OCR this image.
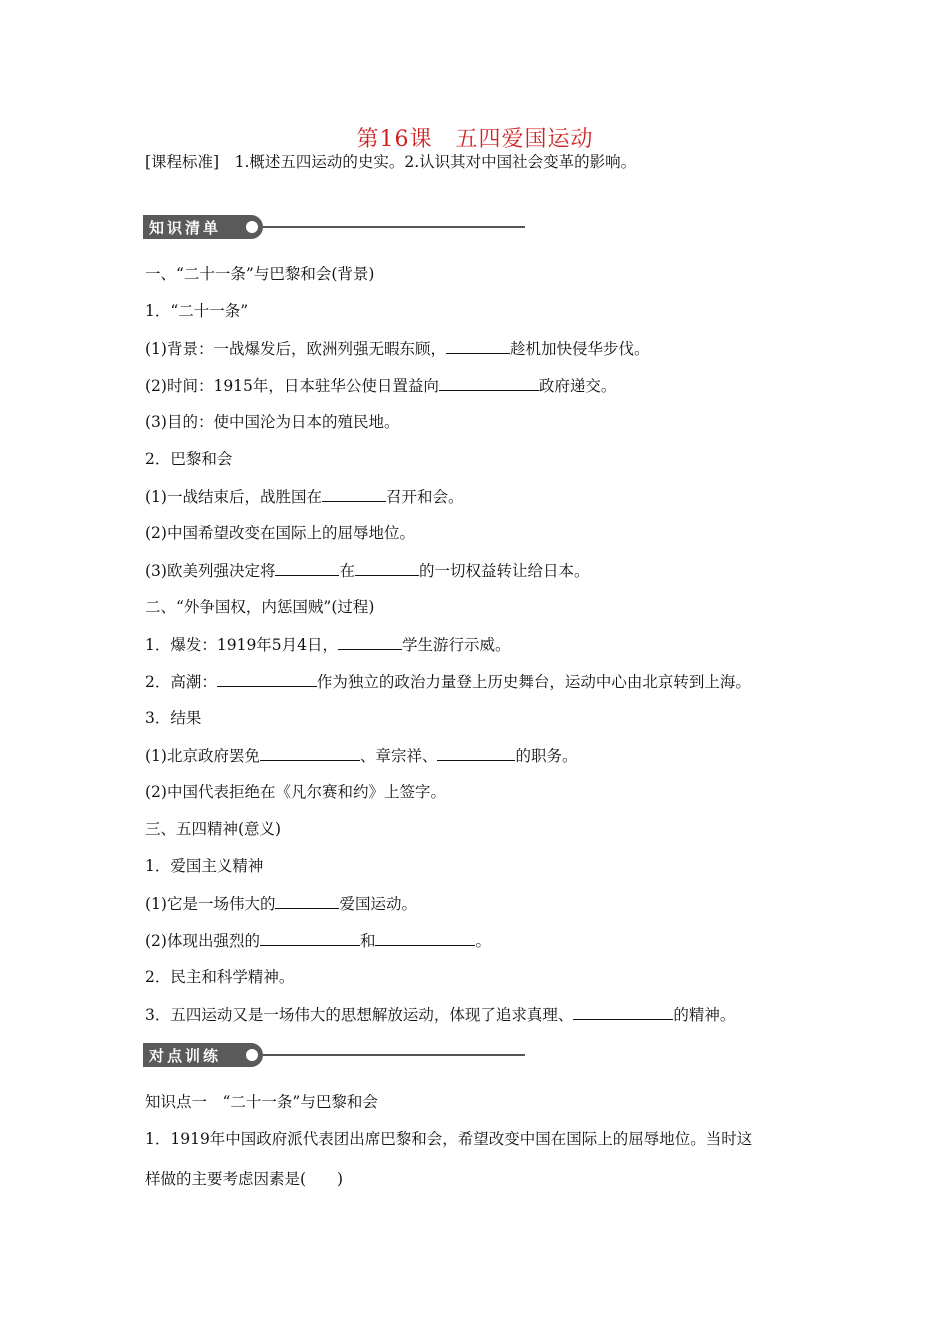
第16课　五四爱国运动
[课程标准]　1.概述五四运动的史实。2.认识其对中国社会变革的影响。
知识清单
一、“二十一条”与巴黎和会(背景)
1．“二十一条”
(1)背景：一战爆发后，欧洲列强无暇东顾，	趁机加快侵华步伐。
(2)时间：1915年，日本驻华公使日置益向	政府递交。
(3)目的：使中国沦为日本的殖民地。
2．巴黎和会
(1)一战结束后，战胜国在	召开和会。
(2)中国希望改变在国际上的屈辱地位。
(3)欧美列强决定将	在	的一切权益转让给日本。
二、“外争国权，内惩国贼”(过程)
1．爆发：1919年5月4日，	学生游行示威。
2．高潮：	作为独立的政治力量登上历史舞台，运动中心由北京转到上海。
3．结果
(1)北京政府罢免	、章宗祥、	的职务。
(2)中国代表拒绝在《凡尔赛和约》上签字。
三、五四精神(意义)
1．爱国主义精神
(1)它是一场伟大的	爱国运动。
(2)体现出强烈的	和	。
2．民主和科学精神。
3．五四运动又是一场伟大的思想解放运动，体现了追求真理、	的精神。
对点训练
知识点一　“二十一条”与巴黎和会
1．1919年中国政府派代表团出席巴黎和会，希望改变中国在国际上的屈辱地位。当时这
样做的主要考虑因素是(　　)
